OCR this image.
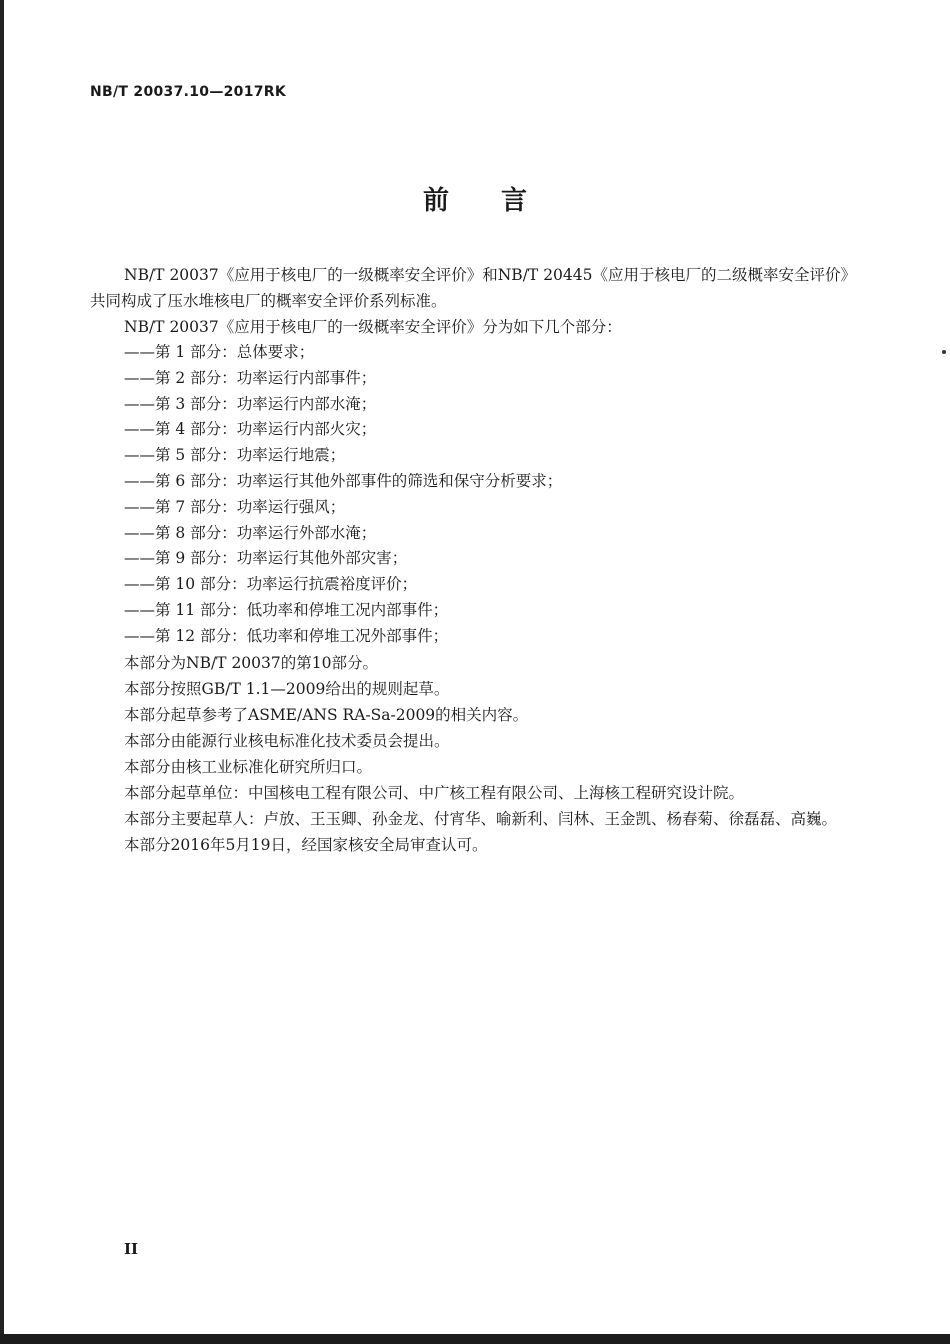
NB/T 20037.10—2017RK
前言

NB/T 20037《应用于核电厂的一级概率安全评价》和NB/T 20445《应用于核电厂的二级概率安全评价》共同构成了压水堆核电厂的概率安全评价系列标准。

NB/T 20037《应用于核电厂的一级概率安全评价》分为如下几个部分：

——第 1 部分：总体要求；

——第 2 部分：功率运行内部事件；

——第 3 部分：功率运行内部水淹；

——第 4 部分：功率运行内部火灾；

——第 5 部分：功率运行地震；

——第 6 部分：功率运行其他外部事件的筛选和保守分析要求；

——第 7 部分：功率运行强风；

——第 8 部分：功率运行外部水淹；

——第 9 部分：功率运行其他外部灾害；

——第 10 部分：功率运行抗震裕度评价；

——第 11 部分：低功率和停堆工况内部事件；

——第 12 部分：低功率和停堆工况外部事件；

本部分为NB/T 20037的第10部分。

本部分按照GB/T 1.1—2009给出的规则起草。

本部分起草参考了ASME/ANS RA-Sa-2009的相关内容。

本部分由能源行业核电标准化技术委员会提出。

本部分由核工业标准化研究所归口。

本部分起草单位：中国核电工程有限公司、中广核工程有限公司、上海核工程研究设计院。

本部分主要起草人：卢放、王玉卿、孙金龙、付宵华、喻新利、闫林、王金凯、杨春菊、徐磊磊、高巍。

本部分2016年5月19日，经国家核安全局审查认可。

II
